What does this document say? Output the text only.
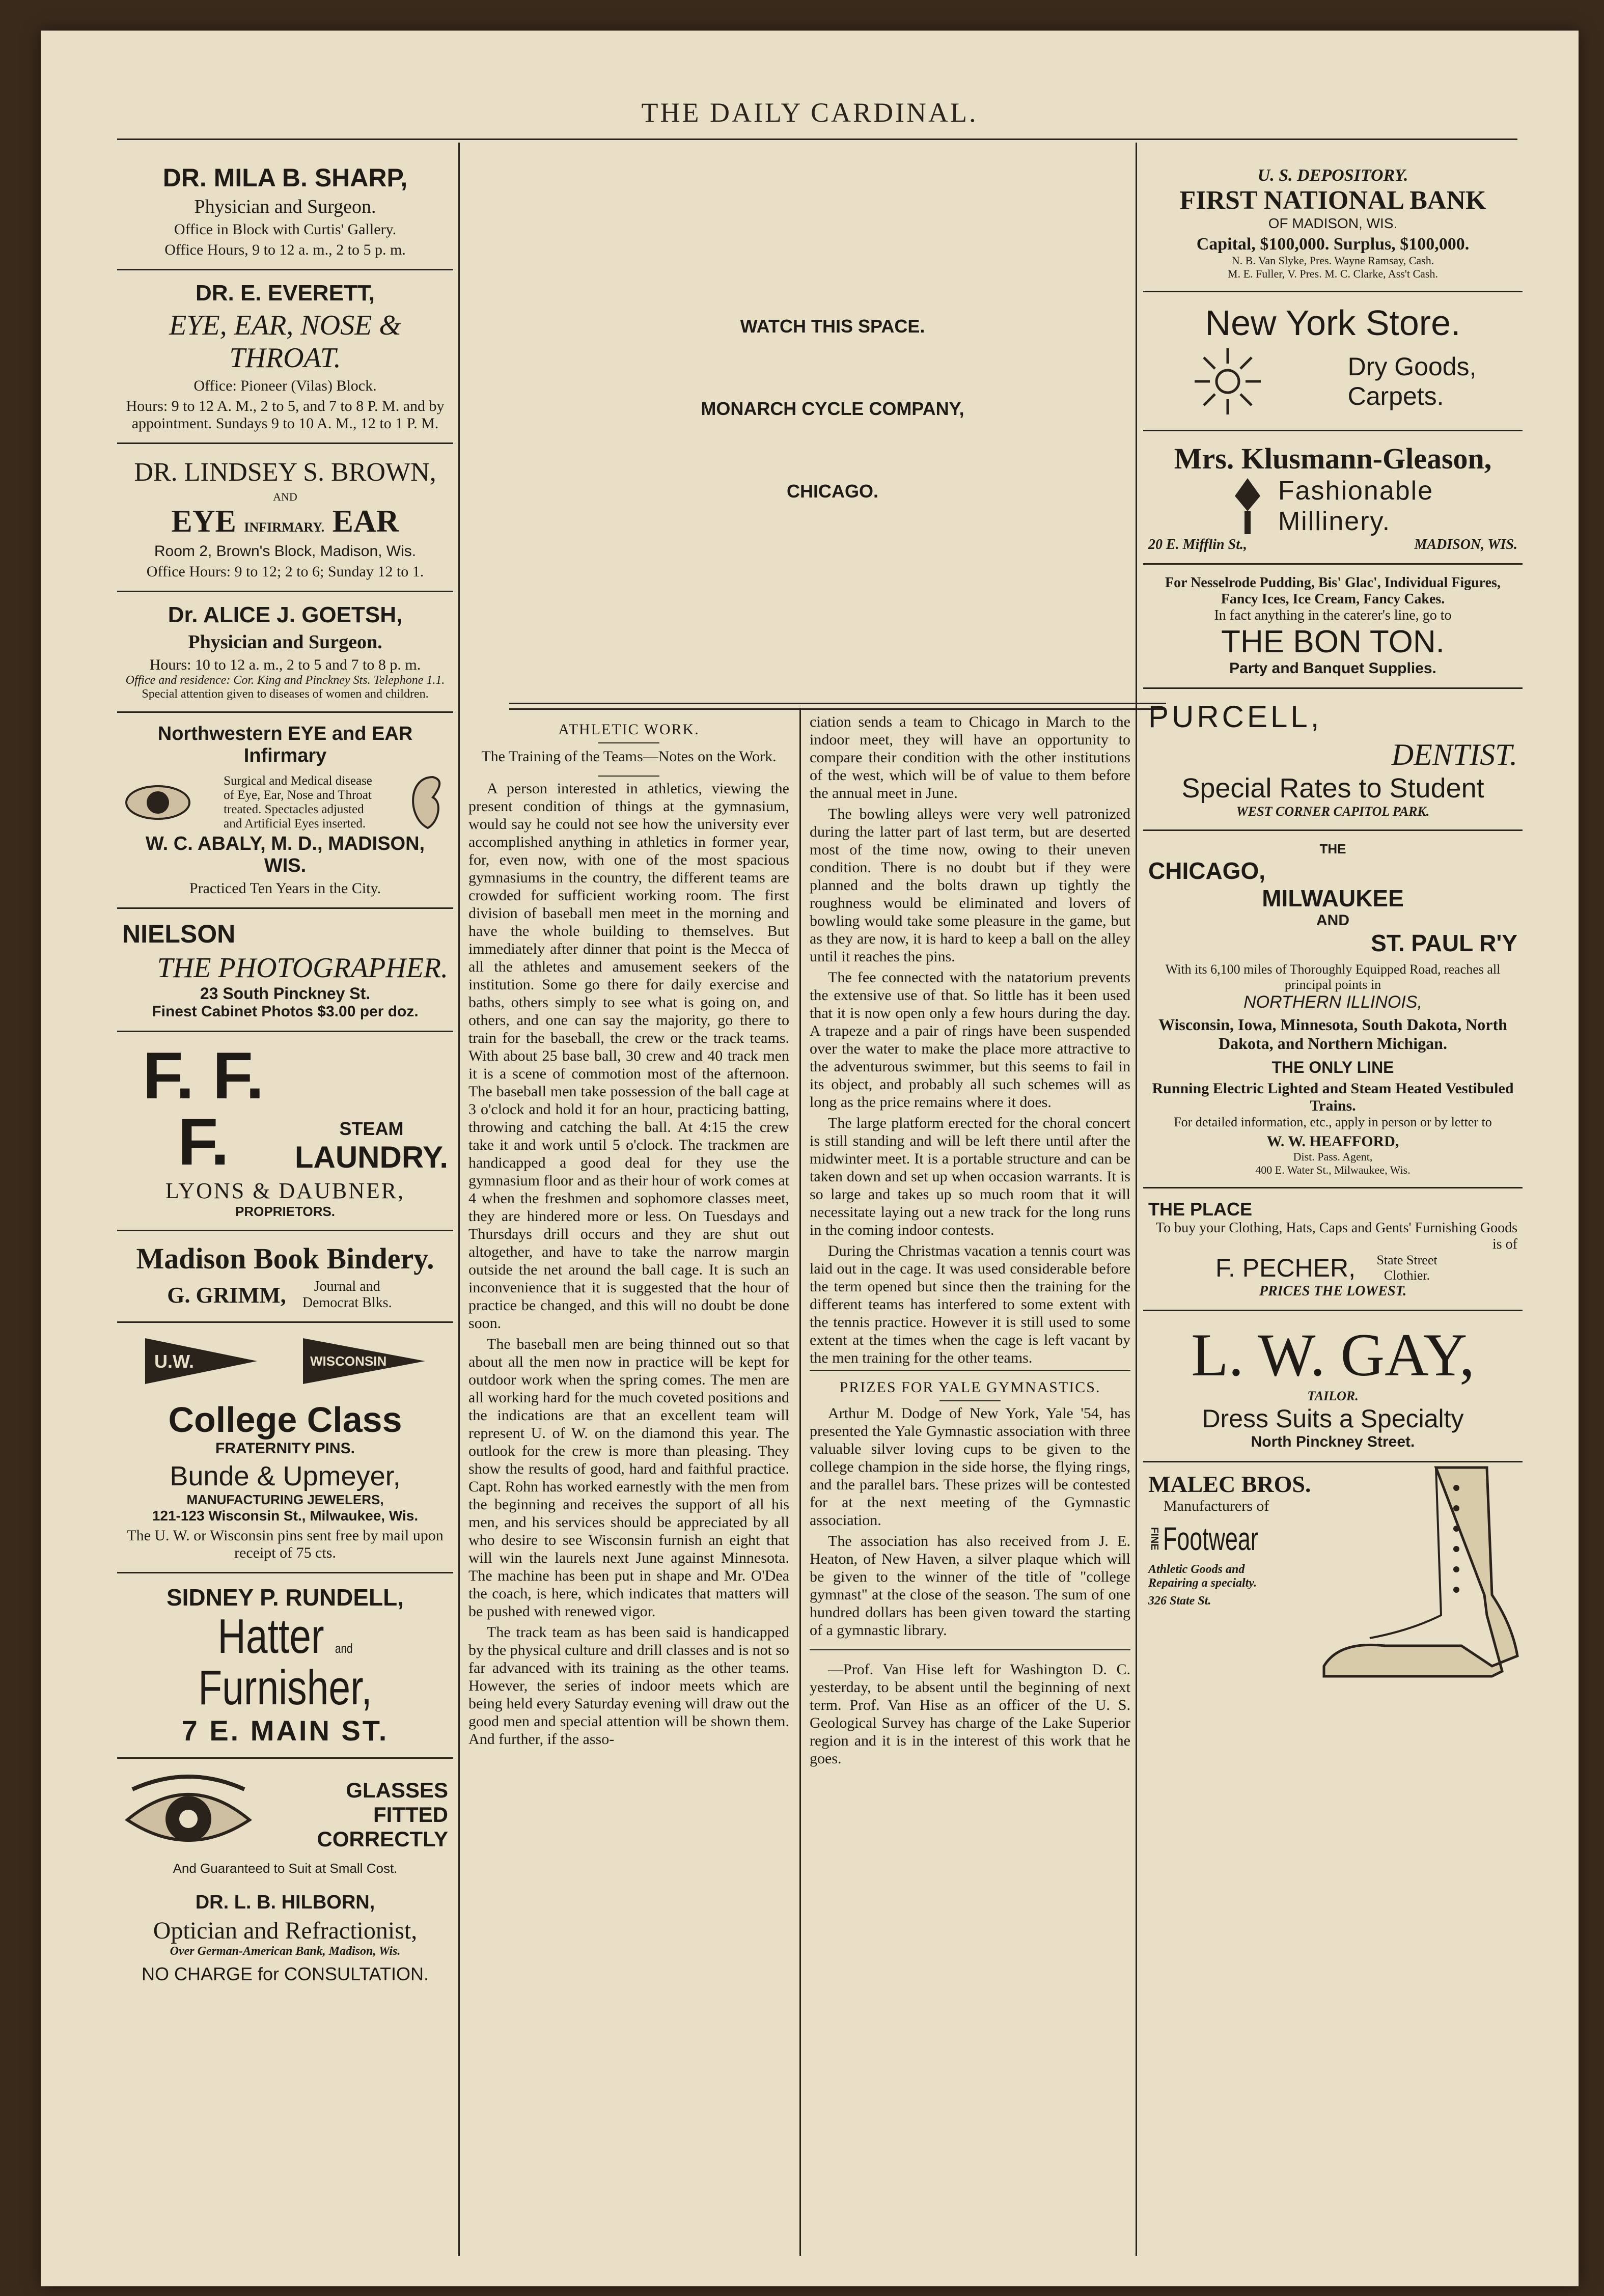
THE DAILY CARDINAL.
DR. MILA B. SHARP,
Physician and Surgeon.
Office in Block with Curtis' Gallery.
Office Hours, 9 to 12 a. m., 2 to 5 p. m.
DR. E. EVERETT,
EYE, EAR, NOSE & THROAT.
Office: Pioneer (Vilas) Block.
Hours: 9 to 12 A. M., 2 to 5, and 7 to 8 P. M. and by appointment. Sundays 9 to 10 A. M., 12 to 1 P. M.
DR. LINDSEY S. BROWN,
AND
EYE INFIRMARY. EAR
Room 2, Brown's Block, Madison, Wis.
Office Hours: 9 to 12; 2 to 6; Sunday 12 to 1.
Dr. ALICE J. GOETSH,
Physician and Surgeon.
Hours: 10 to 12 a. m., 2 to 5 and 7 to 8 p. m.
Office and residence: Cor. King and Pinckney Sts. Telephone 1.1.
Special attention given to diseases of women and children.
Northwestern EYE and EAR Infirmary
Surgical and Medical disease
of Eye, Ear, Nose and Throat
treated. Spectacles adjusted
and Artificial Eyes inserted.
W. C. ABALY, M. D., MADISON, WIS.
Practiced Ten Years in the City.
NIELSON
THE PHOTOGRAPHER.
23 South Pinckney St.
Finest Cabinet Photos $3.00 per doz.
F. F. F.	STEAM
LAUNDRY.
LYONS & DAUBNER,
PROPRIETORS.
Madison Book Bindery.
G. GRIMM,	Journal and Democrat Blks.
U.W.	WISCONSIN
College Class
FRATERNITY PINS.
Bunde & Upmeyer,
MANUFACTURING JEWELERS,
121-123 Wisconsin St., Milwaukee, Wis.
The U. W. or Wisconsin pins sent free by mail upon receipt of 75 cts.
SIDNEY P. RUNDELL,
Hatter and Furnisher,
7 E. MAIN ST.
GLASSES
FITTED
CORRECTLY
And Guaranteed to Suit at Small Cost.
DR. L. B. HILBORN,
Optician and Refractionist,
Over German-American Bank, Madison, Wis.
NO CHARGE for CONSULTATION.
WATCH THIS SPACE.
MONARCH CYCLE COMPANY,
CHICAGO.
ATHLETIC WORK.
The Training of the Teams—Notes on the Work.

A person interested in athletics, viewing the present condition of things at the gymnasium, would say he could not see how the university ever accomplished anything in athletics in former year, for, even now, with one of the most spacious gymnasiums in the country, the different teams are crowded for sufficient working room. The first division of baseball men meet in the morning and have the whole building to themselves. But immediately after dinner that point is the Mecca of all the athletes and amusement seekers of the institution. Some go there for daily exercise and baths, others simply to see what is going on, and others, and one can say the majority, go there to train for the baseball, the crew or the track teams. With about 25 base ball, 30 crew and 40 track men it is a scene of commotion most of the afternoon. The baseball men take possession of the ball cage at 3 o'clock and hold it for an hour, practicing batting, throwing and catching the ball. At 4:15 the crew take it and work until 5 o'clock. The trackmen are handicapped a good deal for they use the gymnasium floor and as their hour of work comes at 4 when the freshmen and sophomore classes meet, they are hindered more or less. On Tuesdays and Thursdays drill occurs and they are shut out altogether, and have to take the narrow margin outside the net around the ball cage. It is such an inconvenience that it is suggested that the hour of practice be changed, and this will no doubt be done soon.

The baseball men are being thinned out so that about all the men now in practice will be kept for outdoor work when the spring comes. The men are all working hard for the much coveted positions and the indications are that an excellent team will represent U. of W. on the diamond this year. The outlook for the crew is more than pleasing. They show the results of good, hard and faithful practice. Capt. Rohn has worked earnestly with the men from the beginning and receives the support of all his men, and his services should be appreciated by all who desire to see Wisconsin furnish an eight that will win the laurels next June against Minnesota. The machine has been put in shape and Mr. O'Dea the coach, is here, which indicates that matters will be pushed with renewed vigor.

The track team as has been said is handicapped by the physical culture and drill classes and is not so far advanced with its training as the other teams. However, the series of indoor meets which are being held every Saturday evening will draw out the good men and special attention will be shown them. And further, if the asso-

ciation sends a team to Chicago in March to the indoor meet, they will have an opportunity to compare their condition with the other institutions of the west, which will be of value to them before the annual meet in June.

The bowling alleys were very well patronized during the latter part of last term, but are deserted most of the time now, owing to their uneven condition. There is no doubt but if they were planned and the bolts drawn up tightly the roughness would be eliminated and lovers of bowling would take some pleasure in the game, but as they are now, it is hard to keep a ball on the alley until it reaches the pins.

The fee connected with the natatorium prevents the extensive use of that. So little has it been used that it is now open only a few hours during the day. A trapeze and a pair of rings have been suspended over the water to make the place more attractive to the adventurous swimmer, but this seems to fail in its object, and probably all such schemes will as long as the price remains where it does.

The large platform erected for the choral concert is still standing and will be left there until after the midwinter meet. It is a portable structure and can be taken down and set up when occasion warrants. It is so large and takes up so much room that it will necessitate laying out a new track for the long runs in the coming indoor contests.

During the Christmas vacation a tennis court was laid out in the cage. It was used considerable before the term opened but since then the training for the different teams has interfered to some extent with the tennis practice. However it is still used to some extent at the times when the cage is left vacant by the men training for the other teams.

PRIZES FOR YALE GYMNASTICS.

Arthur M. Dodge of New York, Yale '54, has presented the Yale Gymnastic association with three valuable silver loving cups to be given to the college champion in the side horse, the flying rings, and the parallel bars. These prizes will be contested for at the next meeting of the Gymnastic association.

The association has also received from J. E. Heaton, of New Haven, a silver plaque which will be given to the winner of the title of "college gymnast" at the close of the season. The sum of one hundred dollars has been given toward the starting of a gymnastic library.

—Prof. Van Hise left for Washington D. C. yesterday, to be absent until the beginning of next term. Prof. Van Hise as an officer of the U. S. Geological Survey has charge of the Lake Superior region and it is in the interest of this work that he goes.

U. S. DEPOSITORY.
FIRST NATIONAL BANK
OF MADISON, WIS.
Capital, $100,000. Surplus, $100,000.
N. B. Van Slyke, Pres. Wayne Ramsay, Cash.
M. E. Fuller, V. Pres. M. C. Clarke, Ass't Cash.
New York Store.
Dry Goods,
Carpets.
Mrs. Klusmann-Gleason,
Fashionable
Millinery.
20 E. Mifflin St.,	MADISON, WIS.
For Nesselrode Pudding, Bis' Glac', Individual Figures, Fancy Ices, Ice Cream, Fancy Cakes.
In fact anything in the caterer's line, go to
THE BON TON.
Party and Banquet Supplies.
PURCELL,
DENTIST.
Special Rates to Student
WEST CORNER CAPITOL PARK.
THE
CHICAGO,
MILWAUKEE
AND
ST. PAUL R'Y
With its 6,100 miles of Thoroughly Equipped Road, reaches all principal points in
NORTHERN ILLINOIS,
Wisconsin, Iowa, Minnesota, South Dakota, North Dakota, and Northern Michigan.
THE ONLY LINE
Running Electric Lighted and Steam Heated Vestibuled Trains.
For detailed information, etc., apply in person or by letter to
W. W. HEAFFORD,
Dist. Pass. Agent,
400 E. Water St., Milwaukee, Wis.
THE PLACE
To buy your Clothing, Hats, Caps and Gents' Furnishing Goods is of
F. PECHER,	State Street Clothier.
PRICES THE LOWEST.
L. W. GAY,
TAILOR.
Dress Suits a Specialty
North Pinckney Street.
MALEC BROS.
Manufacturers of
FINE Footwear
Athletic Goods and Repairing a specialty.
326 State St.
